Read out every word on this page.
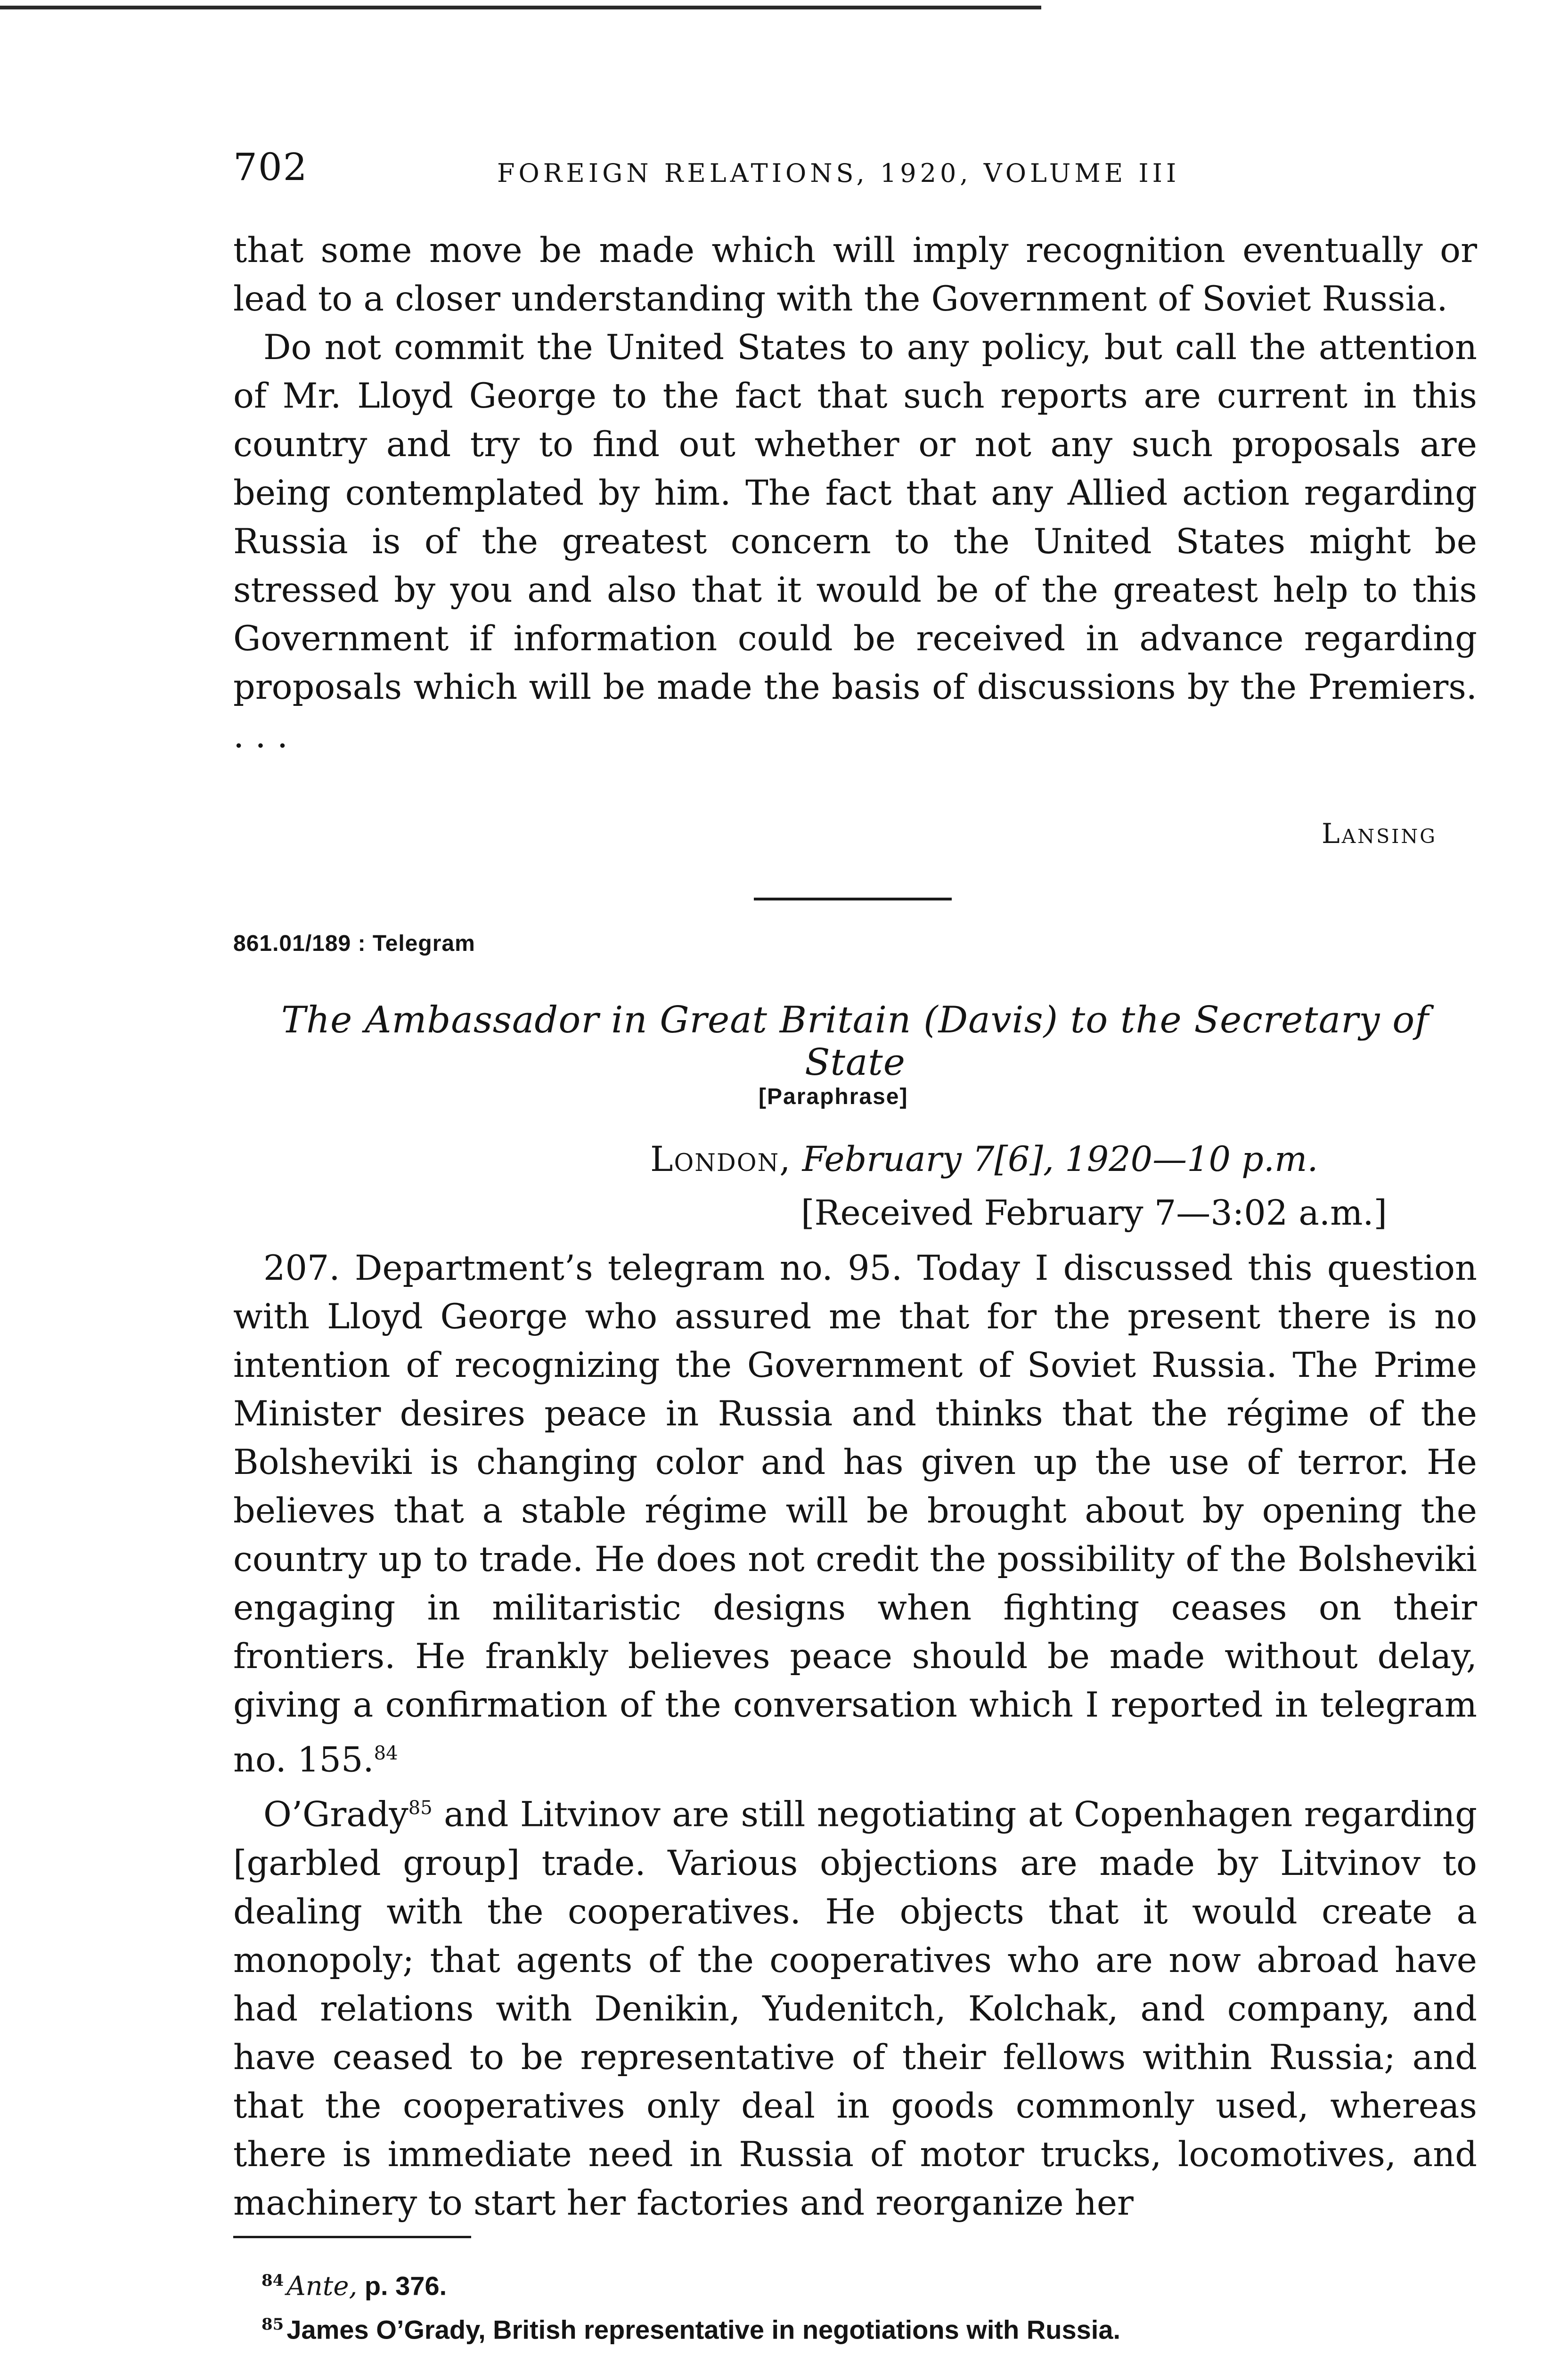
702	FOREIGN RELATIONS, 1920, VOLUME III

that some move be made which will imply recognition eventually or lead to a closer understanding with the Government of Soviet Russia.

Do not commit the United States to any policy, but call the attention of Mr. Lloyd George to the fact that such reports are current in this country and try to find out whether or not any such proposals are being contemplated by him. The fact that any Allied action regarding Russia is of the greatest concern to the United States might be stressed by you and also that it would be of the greatest help to this Government if information could be received in advance regarding proposals which will be made the basis of discussions by the Premiers. . . .

Lansing
861.01/189 : Telegram
The Ambassador in Great Britain (Davis) to the Secretary of State
[Paraphrase]
London, February 7[6], 1920—10 p.m.
[Received February 7—3:02 a.m.]

207. Department’s telegram no. 95. Today I discussed this question with Lloyd George who assured me that for the present there is no intention of recognizing the Government of Soviet Russia. The Prime Minister desires peace in Russia and thinks that the régime of the Bolsheviki is changing color and has given up the use of terror. He believes that a stable régime will be brought about by opening the country up to trade. He does not credit the possibility of the Bolsheviki engaging in militaristic designs when fighting ceases on their frontiers. He frankly believes peace should be made without delay, giving a confirmation of the conversation which I reported in telegram no. 155.84

O’Grady$^{85}$ and Litvinov are still negotiating at Copenhagen regarding [garbled group] trade. Various objections are made by Litvinov to dealing with the cooperatives. He objects that it would create a monopoly; that agents of the cooperatives who are now abroad have had relations with Denikin, Yudenitch, Kolchak, and company, and have ceased to be representative of their fellows within Russia; and that the cooperatives only deal in goods commonly used, whereas there is immediate need in Russia of motor trucks, locomotives, and machinery to start her factories and reorganize her

$^{84}$ Ante, p. 376.
$^{85}$ James O’Grady, British representative in negotiations with Russia.
